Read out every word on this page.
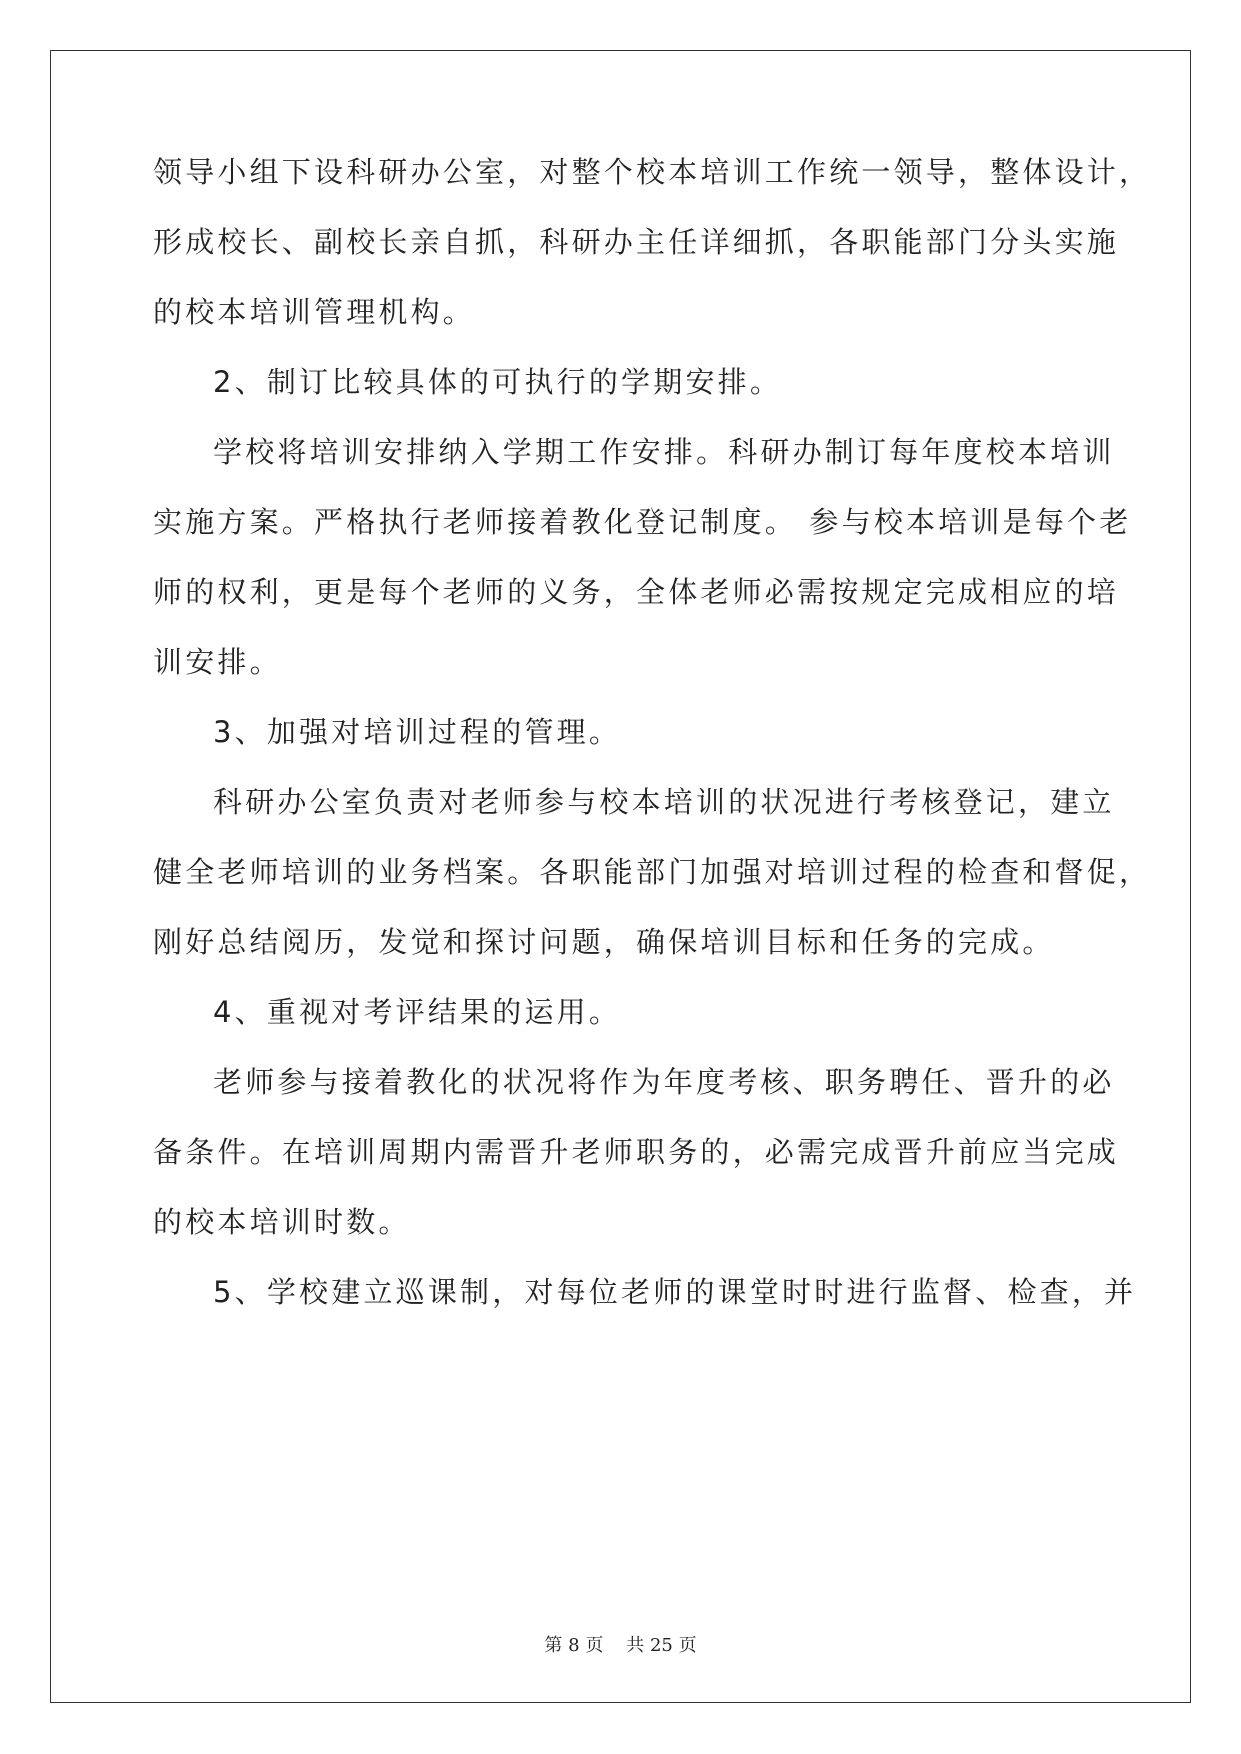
领导小组下设科研办公室，对整个校本培训工作统一领导，整体设计，
形成校长、副校长亲自抓，科研办主任详细抓，各职能部门分头实施
的校本培训管理机构。
2、制订比较具体的可执行的学期安排。
学校将培训安排纳入学期工作安排。科研办制订每年度校本培训
实施方案。严格执行老师接着教化登记制度。 参与校本培训是每个老
师的权利，更是每个老师的义务，全体老师必需按规定完成相应的培
训安排。
3、加强对培训过程的管理。
科研办公室负责对老师参与校本培训的状况进行考核登记，建立
健全老师培训的业务档案。各职能部门加强对培训过程的检查和督促，
刚好总结阅历，发觉和探讨问题，确保培训目标和任务的完成。
4、重视对考评结果的运用。
老师参与接着教化的状况将作为年度考核、职务聘任、晋升的必
备条件。在培训周期内需晋升老师职务的，必需完成晋升前应当完成
的校本培训时数。
5、学校建立巡课制，对每位老师的课堂时时进行监督、检查，并
第 8 页 共 25 页
